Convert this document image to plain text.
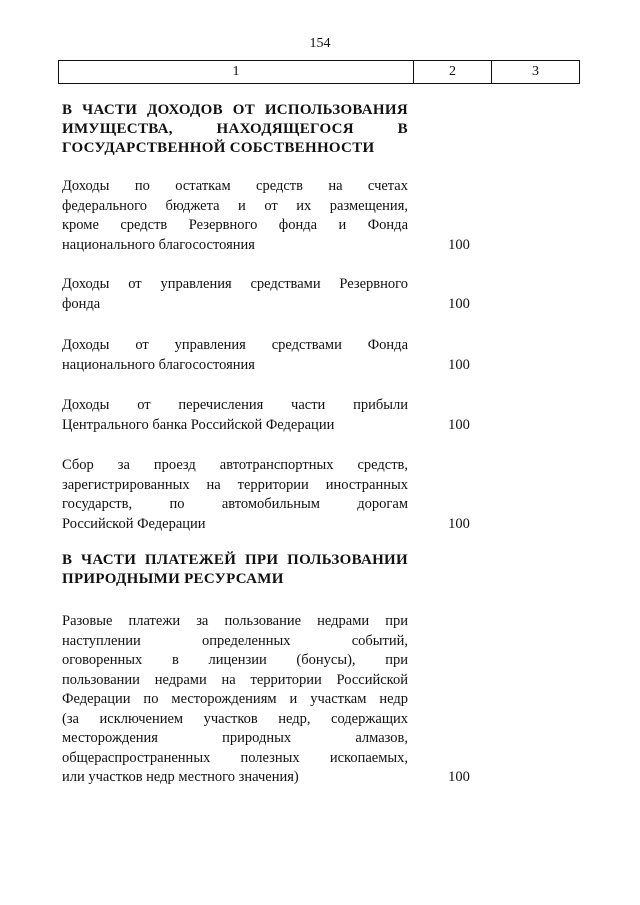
154
1	2	3
В ЧАСТИ ДОХОДОВ ОТ ИСПОЛЬЗОВАНИЯ
ИМУЩЕСТВА, НАХОДЯЩЕГОСЯ В
ГОСУДАРСТВЕННОЙ СОБСТВЕННОСТИ
Доходы по остаткам средств на счетах
федерального бюджета и от их размещения,
кроме средств Резервного фонда и Фонда
национального благосостояния	100
Доходы от управления средствами Резервного
фонда	100
Доходы от управления средствами Фонда
национального благосостояния	100
Доходы от перечисления части прибыли
Центрального банка Российской Федерации	100
Сбор за проезд автотранспортных средств,
зарегистрированных на территории иностранных
государств, по автомобильным дорогам
Российской Федерации	100
В ЧАСТИ ПЛАТЕЖЕЙ ПРИ ПОЛЬЗОВАНИИ
ПРИРОДНЫМИ РЕСУРСАМИ
Разовые платежи за пользование недрами при
наступлении определенных событий,
оговоренных в лицензии (бонусы), при
пользовании недрами на территории Российской
Федерации по месторождениям и участкам недр
(за исключением участков недр, содержащих
месторождения природных алмазов,
общераспространенных полезных ископаемых,
или участков недр местного значения)	100
